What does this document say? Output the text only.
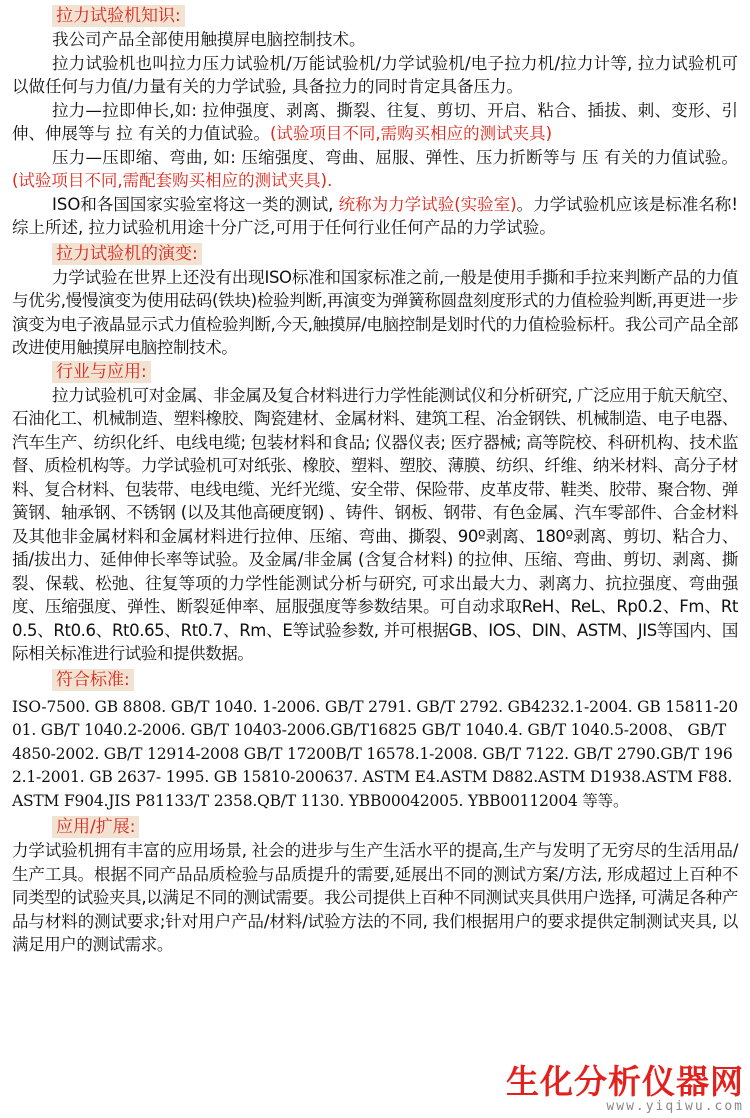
拉力试验机知识:

我公司产品全部使用触摸屏电脑控制技术。

拉力试验机也叫拉力压力试验机/万能试验机/力学试验机/电子拉力机/拉力计等, 拉力试验机可以做任何与力值/力量有关的力学试验, 具备拉力的同时肯定具备压力。

拉力—拉即伸长,如: 拉伸强度、剥离、撕裂、往复、剪切、开启、粘合、插拔、刺、变形、引伸、伸展等与 拉 有关的力值试验。(试验项目不同,需购买相应的测试夹具)

压力—压即缩、弯曲, 如: 压缩强度、弯曲、屈服、弹性、压力折断等与 压 有关的力值试验。(试验项目不同,需配套购买相应的测试夹具).

ISO和各国国家实验室将这一类的测试, 统称为力学试验(实验室)。力学试验机应该是标准名称!综上所述, 拉力试验机用途十分广泛,可用于任何行业任何产品的力学试验。

拉力试验机的演变:

力学试验在世界上还没有出现ISO标准和国家标准之前,一般是使用手撕和手拉来判断产品的力值与优劣,慢慢演变为使用砝码(铁块)检验判断,再演变为弹簧称圆盘刻度形式的力值检验判断,再更进一步演变为电子液晶显示式力值检验判断,今天,触摸屏/电脑控制是划时代的力值检验标杆。我公司产品全部改进使用触摸屏电脑控制技术。

行业与应用:

拉力试验机可对金属、非金属及复合材料进行力学性能测试仪和分析研究, 广泛应用于航天航空、石油化工、机械制造、塑料橡胶、陶瓷建材、金属材料、建筑工程、冶金钢铁、机械制造、电子电器、汽车生产、纺织化纤、电线电缆; 包装材料和食品; 仪器仪表; 医疗器械; 高等院校、科研机构、技术监督、质检机构等。力学试验机可对纸张、橡胶、塑料、塑胶、薄膜、纺织、纤维、纳米材料、高分子材料、复合材料、包装带、电线电缆、光纤光缆、安全带、保险带、皮革皮带、鞋类、胶带、聚合物、弹簧钢、轴承钢、不锈钢 (以及其他高硬度钢) 、铸件、钢板、钢带、有色金属、汽车零部件、合金材料及其他非金属材料和金属材料进行拉伸、压缩、弯曲、撕裂、90º剥离、180º剥离、剪切、粘合力、插/拔出力、延伸伸长率等试验。及金属/非金属 (含复合材料) 的拉伸、压缩、弯曲、剪切、剥离、撕裂、保载、松弛、往复等项的力学性能测试分析与研究, 可求出最大力、剥离力、抗拉强度、弯曲强度、压缩强度、弹性、断裂延伸率、屈服强度等参数结果。可自动求取ReH、ReL、Rp0.2、Fm、Rt0.5、Rt0.6、Rt0.65、Rt0.7、Rm、E等试验参数, 并可根据GB、IOS、DIN、ASTM、JIS等国内、国际相关标准进行试验和提供数据。

符合标准:

ISO-7500. GB 8808. GB/T 1040. 1-2006. GB/T 2791. GB/T 2792. GB4232.1-2004. GB 15811-2001. GB/T 1040.2-2006. GB/T 10403-2006.GB/T16825 GB/T 1040.4. GB/T 1040.5-2008、 GB/T 4850-2002. GB/T 12914-2008 GB/T 17200B/T 16578.1-2008. GB/T 7122. GB/T 2790.GB/T 1962.1-2001. GB 2637- 1995. GB 15810-200637. ASTM E4.ASTM D882.ASTM D1938.ASTM F88.ASTM F904.JIS P81133/T 2358.QB/T 1130. YBB00042005. YBB00112004 等等。

应用/扩展:

力学试验机拥有丰富的应用场景, 社会的进步与生产生活水平的提高,生产与发明了无穷尽的生活用品/生产工具。根据不同产品品质检验与品质提升的需要,延展出不同的测试方案/方法, 形成超过上百种不同类型的试验夹具,以满足不同的测试需要。我公司提供上百种不同测试夹具供用户选择, 可满足各种产品与材料的测试要求;针对用户产品/材料/试验方法的不同, 我们根据用户的要求提供定制测试夹具, 以满足用户的测试需求。

生化分析仪器网
www.yiqiwu.com
